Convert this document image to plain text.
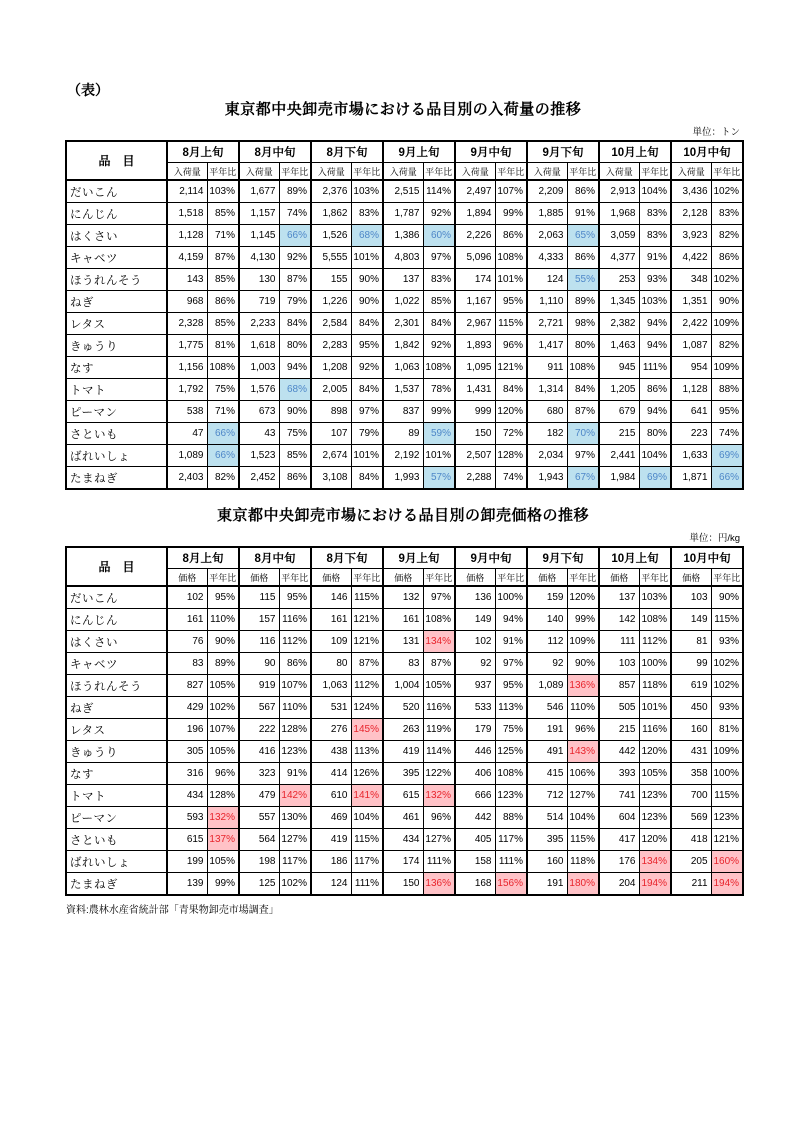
（表）
東京都中央卸売市場における品目別の入荷量の推移
単位：トン
品　目	8月上旬		8月中旬		8月下旬		9月上旬		9月中旬		9月下旬		10月上旬		10月中旬	
	入荷量	平年比	入荷量	平年比	入荷量	平年比	入荷量	平年比	入荷量	平年比	入荷量	平年比	入荷量	平年比	入荷量	平年比
だいこん	2,114	103%	1,677	89%	2,376	103%	2,515	114%	2,497	107%	2,209	86%	2,913	104%	3,436	102%
にんじん	1,518	85%	1,157	74%	1,862	83%	1,787	92%	1,894	99%	1,885	91%	1,968	83%	2,128	83%
はくさい	1,128	71%	1,145	66%	1,526	68%	1,386	60%	2,226	86%	2,063	65%	3,059	83%	3,923	82%
キャベツ	4,159	87%	4,130	92%	5,555	101%	4,803	97%	5,096	108%	4,333	86%	4,377	91%	4,422	86%
ほうれんそう	143	85%	130	87%	155	90%	137	83%	174	101%	124	55%	253	93%	348	102%
ねぎ	968	86%	719	79%	1,226	90%	1,022	85%	1,167	95%	1,110	89%	1,345	103%	1,351	90%
レタス	2,328	85%	2,233	84%	2,584	84%	2,301	84%	2,967	115%	2,721	98%	2,382	94%	2,422	109%
きゅうり	1,775	81%	1,618	80%	2,283	95%	1,842	92%	1,893	96%	1,417	80%	1,463	94%	1,087	82%
なす	1,156	108%	1,003	94%	1,208	92%	1,063	108%	1,095	121%	911	108%	945	111%	954	109%
トマト	1,792	75%	1,576	68%	2,005	84%	1,537	78%	1,431	84%	1,314	84%	1,205	86%	1,128	88%
ピーマン	538	71%	673	90%	898	97%	837	99%	999	120%	680	87%	679	94%	641	95%
さといも	47	66%	43	75%	107	79%	89	59%	150	72%	182	70%	215	80%	223	74%
ばれいしょ	1,089	66%	1,523	85%	2,674	101%	2,192	101%	2,507	128%	2,034	97%	2,441	104%	1,633	69%
たまねぎ	2,403	82%	2,452	86%	3,108	84%	1,993	57%	2,288	74%	1,943	67%	1,984	69%	1,871	66%
東京都中央卸売市場における品目別の卸売価格の推移
単位：円/kg
品　目	8月上旬		8月中旬		8月下旬		9月上旬		9月中旬		9月下旬		10月上旬		10月中旬	
	価格	平年比	価格	平年比	価格	平年比	価格	平年比	価格	平年比	価格	平年比	価格	平年比	価格	平年比
だいこん	102	95%	115	95%	146	115%	132	97%	136	100%	159	120%	137	103%	103	90%
にんじん	161	110%	157	116%	161	121%	161	108%	149	94%	140	99%	142	108%	149	115%
はくさい	76	90%	116	112%	109	121%	131	134%	102	91%	112	109%	111	112%	81	93%
キャベツ	83	89%	90	86%	80	87%	83	87%	92	97%	92	90%	103	100%	99	102%
ほうれんそう	827	105%	919	107%	1,063	112%	1,004	105%	937	95%	1,089	136%	857	118%	619	102%
ねぎ	429	102%	567	110%	531	124%	520	116%	533	113%	546	110%	505	101%	450	93%
レタス	196	107%	222	128%	276	145%	263	119%	179	75%	191	96%	215	116%	160	81%
きゅうり	305	105%	416	123%	438	113%	419	114%	446	125%	491	143%	442	120%	431	109%
なす	316	96%	323	91%	414	126%	395	122%	406	108%	415	106%	393	105%	358	100%
トマト	434	128%	479	142%	610	141%	615	132%	666	123%	712	127%	741	123%	700	115%
ピーマン	593	132%	557	130%	469	104%	461	96%	442	88%	514	104%	604	123%	569	123%
さといも	615	137%	564	127%	419	115%	434	127%	405	117%	395	115%	417	120%	418	121%
ばれいしょ	199	105%	198	117%	186	117%	174	111%	158	111%	160	118%	176	134%	205	160%
たまねぎ	139	99%	125	102%	124	111%	150	136%	168	156%	191	180%	204	194%	211	194%
資料:農林水産省統計部「青果物卸売市場調査」
